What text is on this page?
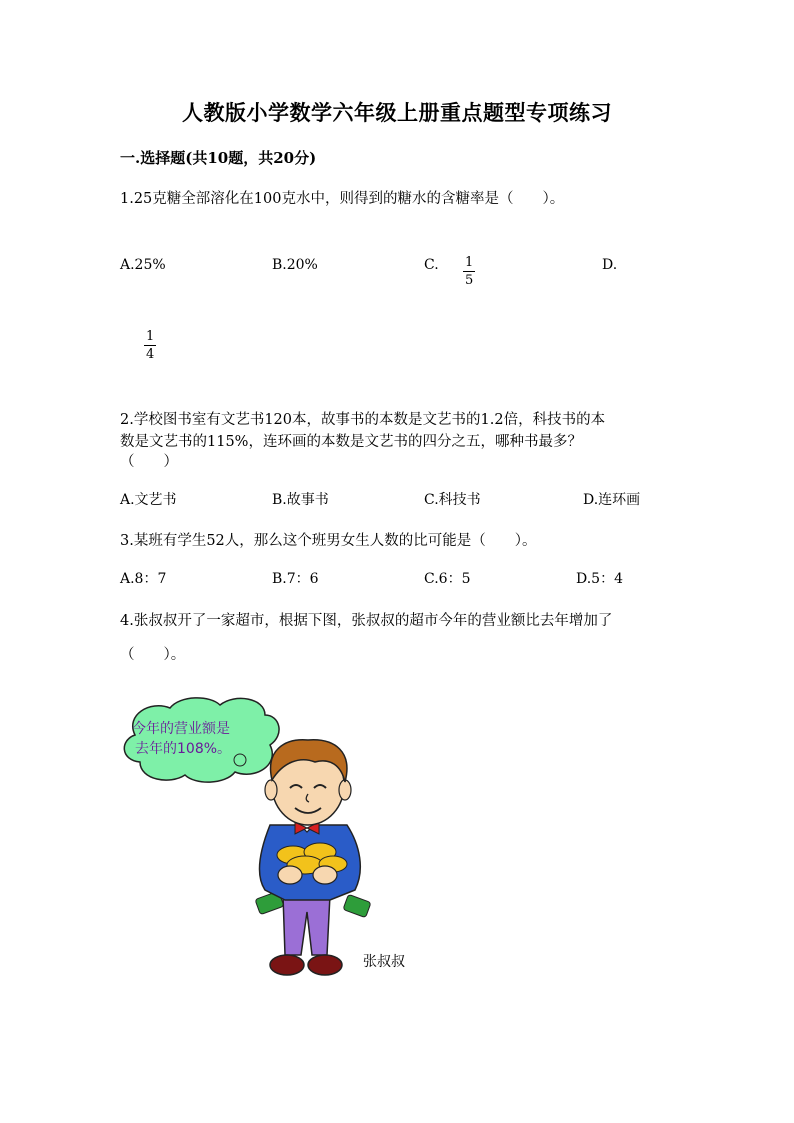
人教版小学数学六年级上册重点题型专项练习
一.选择题(共10题，共20分)
1.25克糖全部溶化在100克水中，则得到的糖水的含糖率是（　　）。
A.25%	B.20%	C. $\frac{1}{5}$	D.
$\frac{1}{4}$
2.学校图书室有文艺书120本，故事书的本数是文艺书的1.2倍，科技书的本
数是文艺书的115%，连环画的本数是文艺书的四分之五，哪种书最多？
（　　）
A.文艺书	B.故事书	C.科技书	D.连环画
3.某班有学生52人，那么这个班男女生人数的比可能是（　　）。
A.8：7	B.7：6	C.6：5	D.5：4
4.张叔叔开了一家超市，根据下图，张叔叔的超市今年的营业额比去年增加了
（　　）。
今年的营业额是
去年的108%。
张叔叔
